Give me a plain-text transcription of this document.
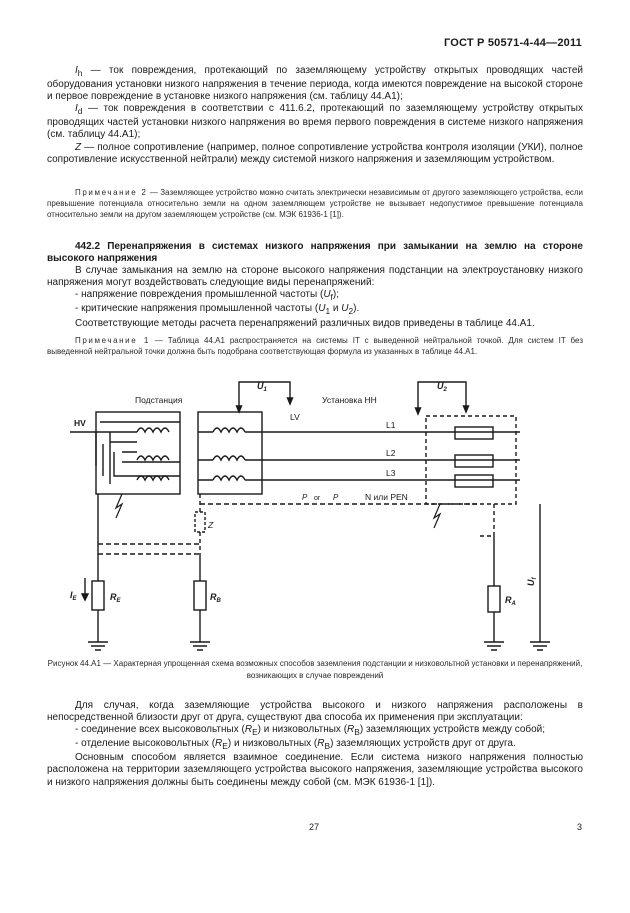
ГОСТ Р 50571-4-44—2011

$I_h$ — ток повреждения, протекающий по заземляющему устройству открытых проводящих частей оборудования установки низкого напряжения в течение периода, когда имеются повреждение на высокой стороне и первое повреждение в установке низкого напряжения (см. таблицу 44.А1);

$I_d$ — ток повреждения в соответствии с 411.6.2, протекающий по заземляющему устройству открытых проводящих частей установки низкого напряжения во время первого повреждения в системе низкого напряжения (см. таблицу 44.А1);

Z — полное сопротивление (например, полное сопротивление устройства контроля изоляции (УКИ), полное сопротивление искусственной нейтрали) между системой низкого напряжения и заземляющим устройством.

Примечание 2 — Заземляющее устройство можно считать электрически независимым от другого заземляющего устройства, если превышение потенциала относительно земли на одном заземляющем устройстве не вызывает недопустимое превышение потенциала относительно земли на другом заземляющем устройстве (см. МЭК 61936-1 [1]).

442.2 Перенапряжения в системах низкого напряжения при замыкании на землю на стороне высокого напряжения

В случае замыкания на землю на стороне высокого напряжения подстанции на электроустановку низкого напряжения могут воздействовать следующие виды перенапряжений:

- напряжение повреждения промышленной частоты $(U_f)$;

- критические напряжения промышленной частоты ($U_1$ и $U_2$).

Соответствующие методы расчета перенапряжений различных видов приведены в таблице 44.А1.

Примечание 1 — Таблица 44.А1 распространяется на системы IT с выведенной нейтральной точкой. Для систем IT без выведенной нейтральной точки должна быть подобрана соответствующая формула из указанных в таблице 44.А1.

Подстанция	Установка НН
HV
LV
$U_1$	$U_2$
L1
L2
L3
N или PEN
P or P
Z
$I_E$	$R_E$	$R_B$	$R_A$
$U_f$
Рисунок 44.А1 — Характерная упрощенная схема возможных способов заземления подстанции и низковольтной установки и перенапряжений, возникающих в случае повреждений

Для случая, когда заземляющие устройства высокого и низкого напряжения расположены в непосредственной близости друг от друга, существуют два способа их применения при эксплуатации:

- соединение всех высоковольтных $(R_E)$ и низковольтных $(R_B)$ заземляющих устройств между собой;

- отделение высоковольтных $(R_E)$ и низковольтных $(R_B)$ заземляющих устройств друг от друга.

Основным способом является взаимное соединение. Если система низкого напряжения полностью расположена на территории заземляющего устройства высокого напряжения, заземляющие устройства высокого и низкого напряжения должны быть соединены между собой (см. МЭК 61936-1 [1]).

27	3
